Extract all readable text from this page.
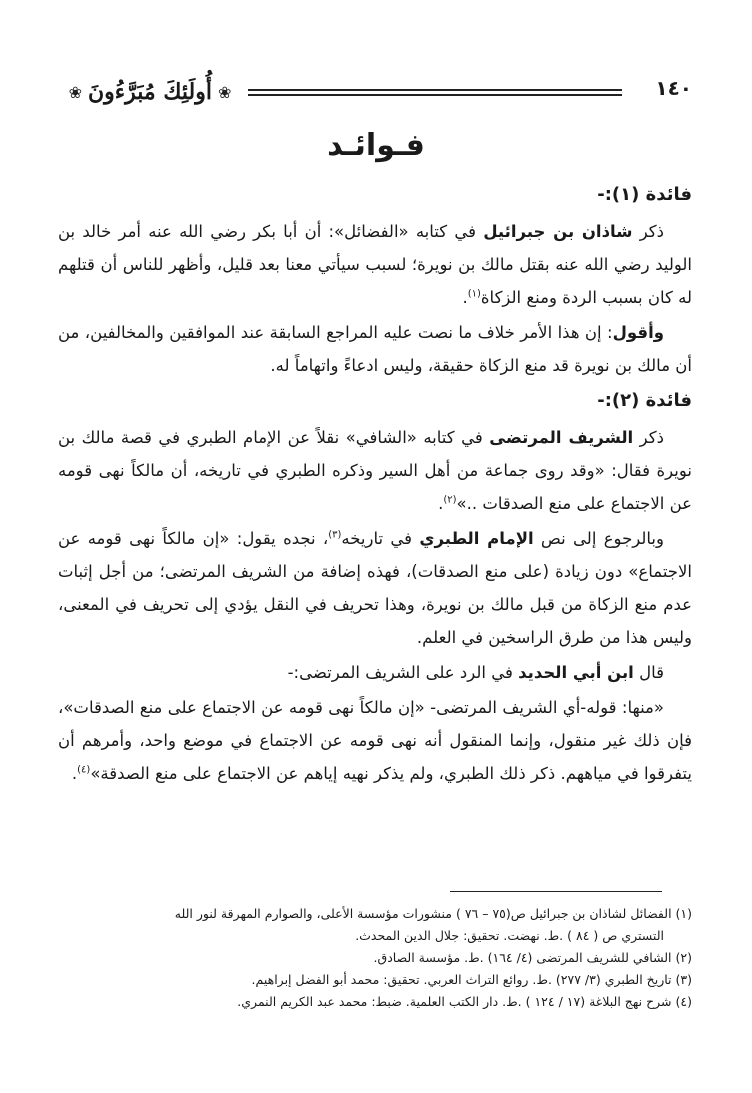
١٤٠
❀
أُولَئِكَ مُبَرَّءُونَ
❀
فـوائـد

فائدة (١):-

ذكر شاذان بن جبرائيل في كتابه «الفضائل»: أن أبا بكر رضي الله عنه أمر خالد بن الوليد رضي الله عنه بقتل مالك بن نويرة؛ لسبب سيأتي معنا بعد قليل، وأظهر للناس أن قتلهم له كان بسبب الردة ومنع الزكاة$^{(١)}$.

وأقول: إن هذا الأمر خلاف ما نصت عليه المراجع السابقة عند الموافقين والمخالفين، من أن مالك بن نويرة قد منع الزكاة حقيقة، وليس ادعاءً واتهاماً له.

فائدة (٢):-

ذكر الشريف المرتضى في كتابه «الشافي» نقلاً عن الإمام الطبري في قصة مالك بن نويرة فقال: «وقد روى جماعة من أهل السير وذكره الطبري في تاريخه، أن مالكاً نهى قومه عن الاجتماع على منع الصدقات ..»$^{(٢)}$.

وبالرجوع إلى نص الإمام الطبري في تاريخه$^{(٣)}$، نجده يقول: «إن مالكاً نهى قومه عن الاجتماع» دون زيادة (على منع الصدقات)، فهذه إضافة من الشريف المرتضى؛ من أجل إثبات عدم منع الزكاة من قبل مالك بن نويرة، وهذا تحريف في النقل يؤدي إلى تحريف في المعنى، وليس هذا من طرق الراسخين في العلم.

قال ابن أبي الحديد في الرد على الشريف المرتضى:-

«منها: قوله-أي الشريف المرتضى- «إن مالكاً نهى قومه عن الاجتماع على منع الصدقات»، فإن ذلك غير منقول، وإنما المنقول أنه نهى قومه عن الاجتماع في موضع واحد، وأمرهم أن يتفرقوا في مياههم. ذكر ذلك الطبري، ولم يذكر نهيه إياهم عن الاجتماع على منع الصدقة»$^{(٤)}$.

(١) الفضائل لشاذان بن جبرائيل ص(٧٥ – ٧٦ ) منشورات مؤسسة الأعلى، والصوارم المهرقة لنور الله

التستري ص ( ٨٤ ) .ط. نهضت. تحقيق: جلال الدين المحدث.

(٢) الشافي للشريف المرتضى (٤/ ١٦٤) .ط. مؤسسة الصادق.

(٣) تاريخ الطبري (٣/ ٢٧٧) .ط. روائع التراث العربي. تحقيق: محمد أبو الفضل إبراهيم.

(٤) شرح نهج البلاغة (١٧ / ١٢٤ ) .ط. دار الكتب العلمية. ضبط: محمد عبد الكريم النمري.
